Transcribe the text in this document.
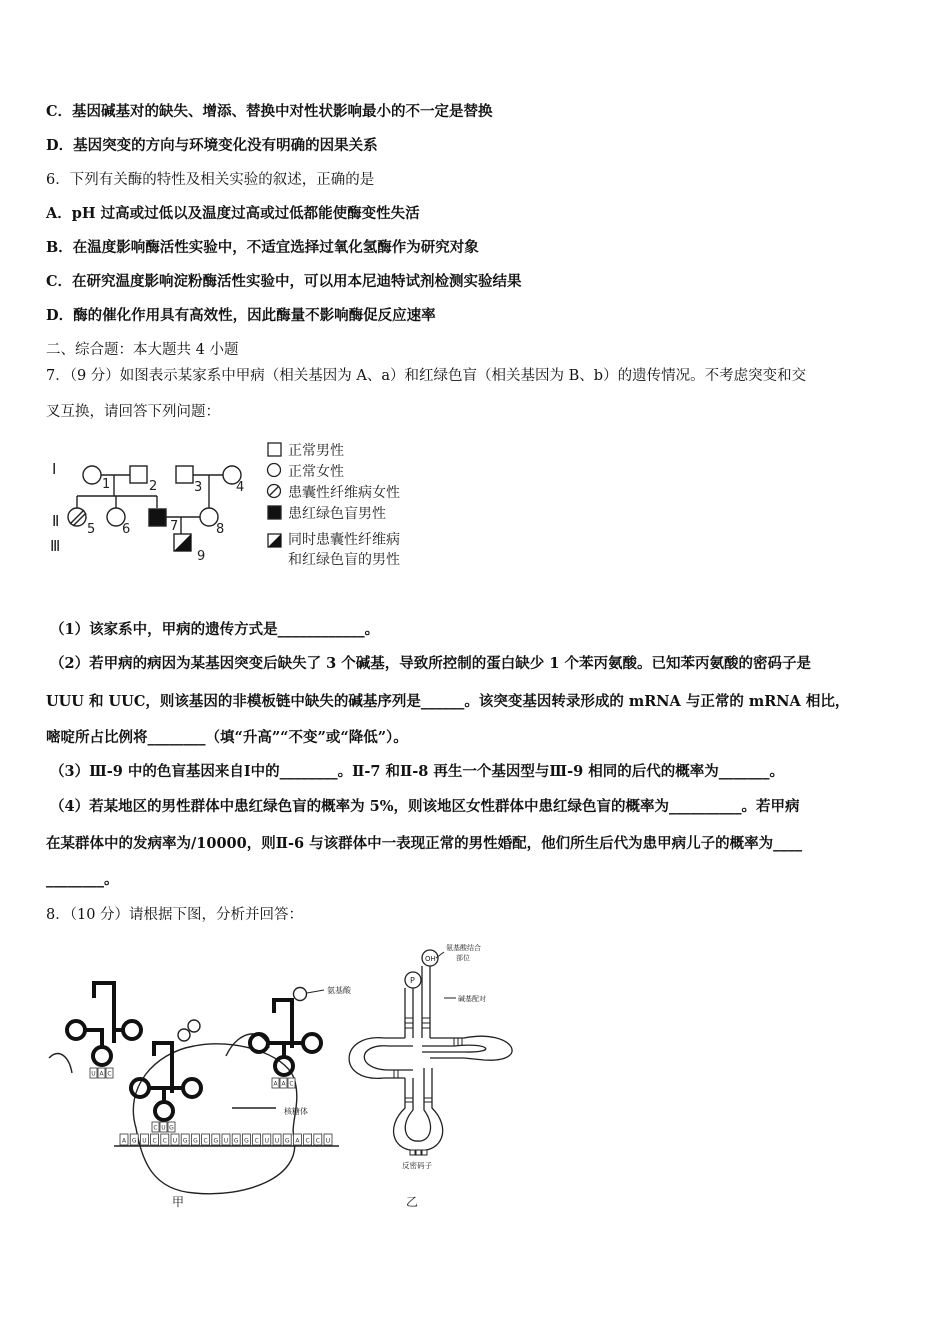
C．基因碱基对的缺失、增添、替换中对性状影响最小的不一定是替换
D．基因突变的方向与环境变化没有明确的因果关系
6．下列有关酶的特性及相关实验的叙述，正确的是
A．pH 过高或过低以及温度过高或过低都能使酶变性失活
B．在温度影响酶活性实验中，不适宜选择过氧化氢酶作为研究对象
C．在研究温度影响淀粉酶活性实验中，可以用本尼迪特试剂检测实验结果
D．酶的催化作用具有高效性，因此酶量不影响酶促反应速率
二、综合题：本大题共 4 小题
7．（9 分）如图表示某家系中甲病（相关基因为 A、a）和红绿色盲（相关基因为 B、b）的遗传情况。不考虑突变和交
叉互换，请回答下列问题：
Ⅰ
Ⅱ
Ⅲ
1	2	3	4
5 6	7	8
9
正常男性
正常女性
患囊性纤维病女性
患红绿色盲男性
同时患囊性纤维病
和红绿色盲的男性
（1）该家系中，甲病的遗传方式是____________。
（2）若甲病的病因为某基因突变后缺失了 3 个碱基，导致所控制的蛋白缺少 1 个苯丙氨酸。已知苯丙氨酸的密码子是
UUU 和 UUC，则该基因的非模板链中缺失的碱基序列是______。该突变基因转录形成的 mRNA 与正常的 mRNA 相比，
嘧啶所占比例将________（填“升高”“不变”或“降低”）。
（3）Ⅲ-9 中的色盲基因来自Ⅰ中的________。Ⅱ-7 和Ⅱ-8 再生一个基因型与Ⅲ-9 相同的后代的概率为_______。
（4）若某地区的男性群体中患红绿色盲的概率为 5%，则该地区女性群体中患红绿色盲的概率为__________。若甲病
在某群体中的发病率为/10000，则Ⅱ-6 与该群体中一表现正常的男性婚配，他们所生后代为患甲病儿子的概率为____
________。
8．（10 分）请根据下图，分析并回答：
氨基酸
U A C
C U G
A A C
A G U C C U G G C G U G G C U U G A C C U
核糖体
甲
OH
P
氨基酸结合
部位
碱基配对
反密码子
乙
